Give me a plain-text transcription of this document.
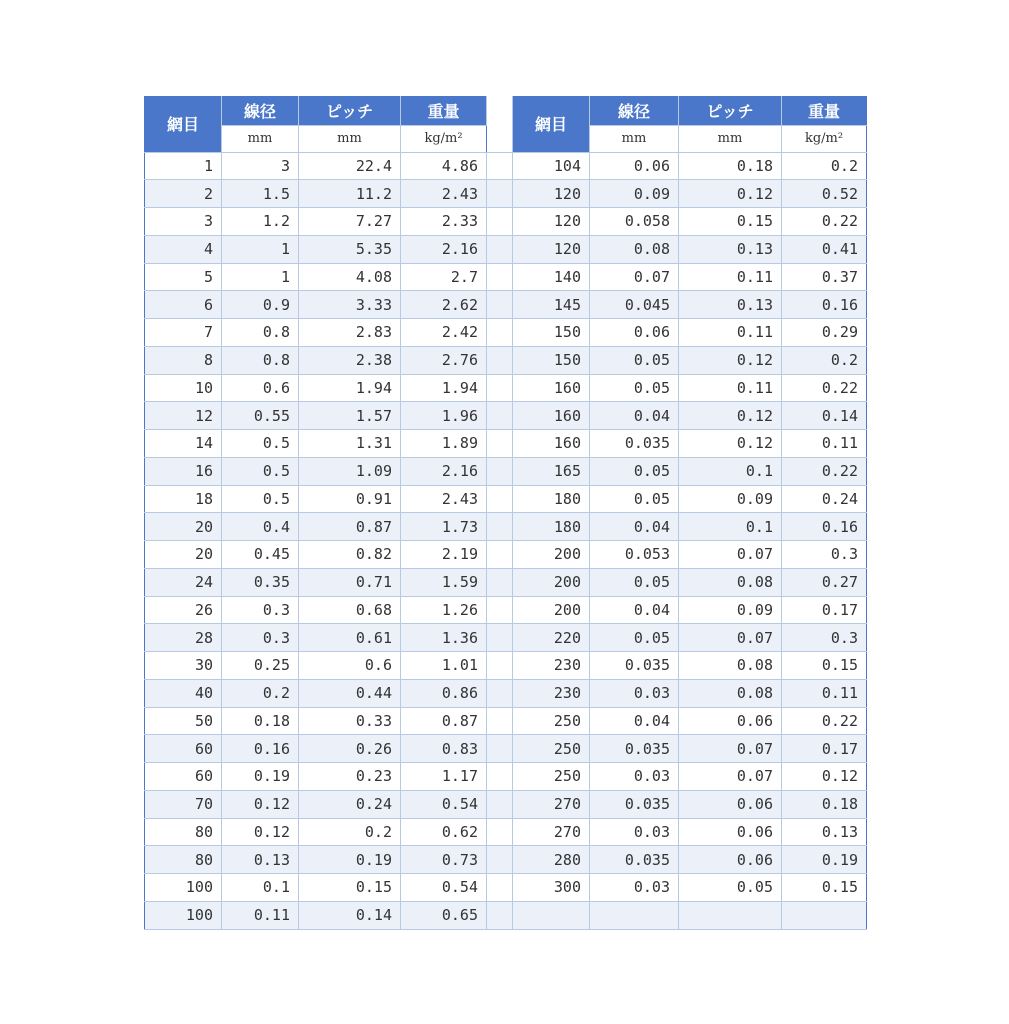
網目	線径	ピッチ	重量		網目	線径	ピッチ	重量
	mm	mm	kg/m²			mm	mm	kg/m²
1	3	22.4	4.86		104	0.06	0.18	0.2
2	1.5	11.2	2.43		120	0.09	0.12	0.52
3	1.2	7.27	2.33		120	0.058	0.15	0.22
4	1	5.35	2.16		120	0.08	0.13	0.41
5	1	4.08	2.7		140	0.07	0.11	0.37
6	0.9	3.33	2.62		145	0.045	0.13	0.16
7	0.8	2.83	2.42		150	0.06	0.11	0.29
8	0.8	2.38	2.76		150	0.05	0.12	0.2
10	0.6	1.94	1.94		160	0.05	0.11	0.22
12	0.55	1.57	1.96		160	0.04	0.12	0.14
14	0.5	1.31	1.89		160	0.035	0.12	0.11
16	0.5	1.09	2.16		165	0.05	0.1	0.22
18	0.5	0.91	2.43		180	0.05	0.09	0.24
20	0.4	0.87	1.73		180	0.04	0.1	0.16
20	0.45	0.82	2.19		200	0.053	0.07	0.3
24	0.35	0.71	1.59		200	0.05	0.08	0.27
26	0.3	0.68	1.26		200	0.04	0.09	0.17
28	0.3	0.61	1.36		220	0.05	0.07	0.3
30	0.25	0.6	1.01		230	0.035	0.08	0.15
40	0.2	0.44	0.86		230	0.03	0.08	0.11
50	0.18	0.33	0.87		250	0.04	0.06	0.22
60	0.16	0.26	0.83		250	0.035	0.07	0.17
60	0.19	0.23	1.17		250	0.03	0.07	0.12
70	0.12	0.24	0.54		270	0.035	0.06	0.18
80	0.12	0.2	0.62		270	0.03	0.06	0.13
80	0.13	0.19	0.73		280	0.035	0.06	0.19
100	0.1	0.15	0.54		300	0.03	0.05	0.15
100	0.11	0.14	0.65					
